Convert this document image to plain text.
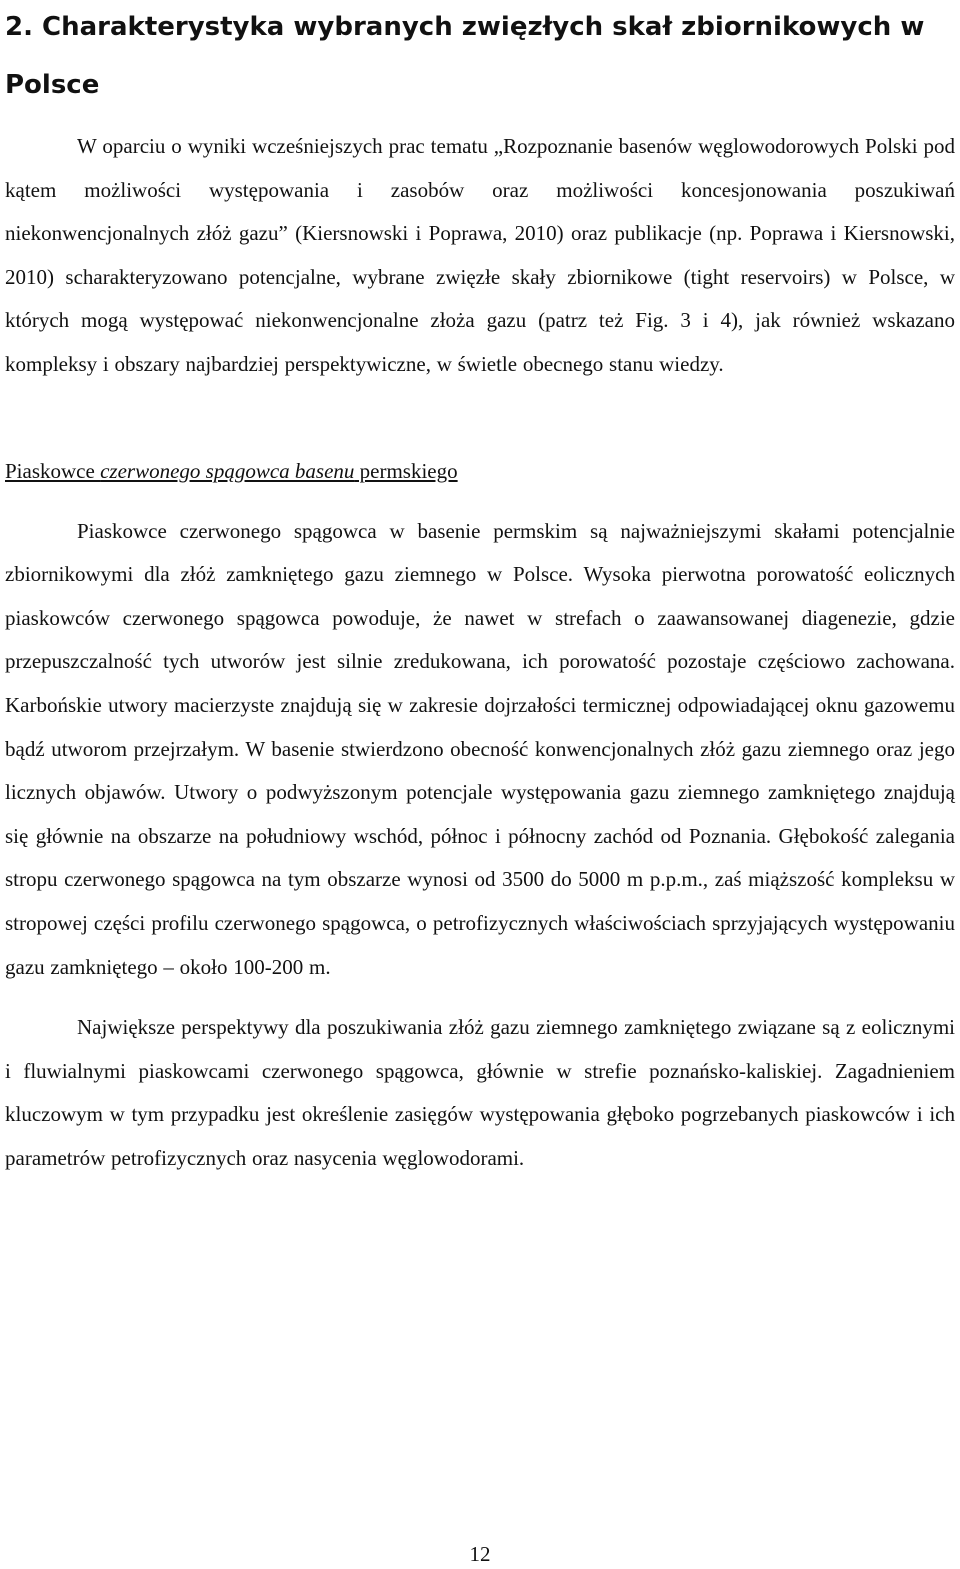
2. Charakterystyka wybranych zwięzłych skał zbiornikowych w Polsce

W oparciu o wyniki wcześniejszych prac tematu „Rozpoznanie basenów węglowodorowych Polski pod kątem możliwości występowania i zasobów oraz możliwości koncesjonowania poszukiwań niekonwencjonalnych złóż gazu” (Kiersnowski i Poprawa, 2010) oraz publikacje (np. Poprawa i Kiersnowski, 2010) scharakteryzowano potencjalne, wybrane zwięzłe skały zbiornikowe (tight reservoirs) w Polsce, w których mogą występować niekonwencjonalne złoża gazu (patrz też Fig. 3 i 4), jak również wskazano kompleksy i obszary najbardziej perspektywiczne, w świetle obecnego stanu wiedzy.

Piaskowce czerwonego spągowca basenu permskiego

Piaskowce czerwonego spągowca w basenie permskim są najważniejszymi skałami potencjalnie zbiornikowymi dla złóż zamkniętego gazu ziemnego w Polsce. Wysoka pierwotna porowatość eolicznych piaskowców czerwonego spągowca powoduje, że nawet w strefach o zaawansowanej diagenezie, gdzie przepuszczalność tych utworów jest silnie zredukowana, ich porowatość pozostaje częściowo zachowana. Karbońskie utwory macierzyste znajdują się w zakresie dojrzałości termicznej odpowiadającej oknu gazowemu bądź utworom przejrzałym. W basenie stwierdzono obecność konwencjonalnych złóż gazu ziemnego oraz jego licznych objawów. Utwory o podwyższonym potencjale występowania gazu ziemnego zamkniętego znajdują się głównie na obszarze na południowy wschód, północ i północny zachód od Poznania. Głębokość zalegania stropu czerwonego spągowca na tym obszarze wynosi od 3500 do 5000 m p.p.m., zaś miąższość kompleksu w stropowej części profilu czerwonego spągowca, o petrofizycznych właściwościach sprzyjających występowaniu gazu zamkniętego – około 100-200 m.

Największe perspektywy dla poszukiwania złóż gazu ziemnego zamkniętego związane są z eolicznymi i fluwialnymi piaskowcami czerwonego spągowca, głównie w strefie poznańsko-kaliskiej. Zagadnieniem kluczowym w tym przypadku jest określenie zasięgów występowania głęboko pogrzebanych piaskowców i ich parametrów petrofizycznych oraz nasycenia węglowodorami.

12
